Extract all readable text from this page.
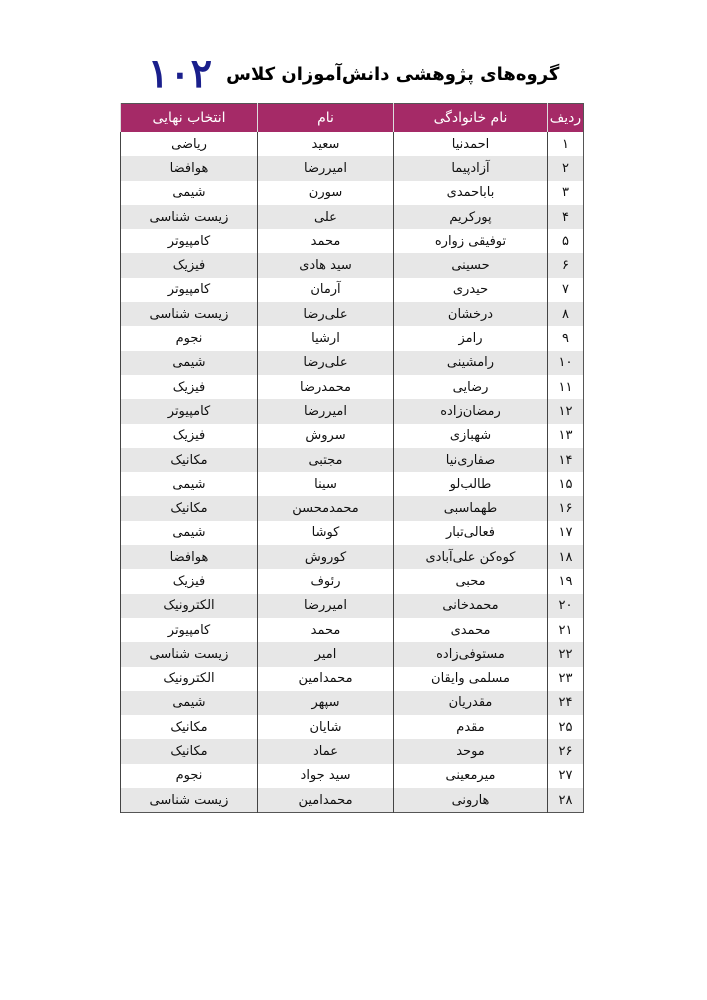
گروه‌های پژوهشی دانش‌آموزان کلاس
۱۰۲
ردیف	نام خانوادگی	نام	انتخاب نهایی
۱	احمدنیا	سعید	ریاضی
۲	آزادپیما	امیررضا	هوافضا
۳	باباحمدی	سورن	شیمی
۴	پورکریم	علی	زیست شناسی
۵	توفیقی زواره	محمد	کامپیوتر
۶	حسینی	سید هادی	فیزیک
۷	حیدری	آرمان	کامپیوتر
۸	درخشان	علی‌رضا	زیست شناسی
۹	رامز	ارشیا	نجوم
۱۰	رامشینی	علی‌رضا	شیمی
۱۱	رضایی	محمدرضا	فیزیک
۱۲	رمضان‌زاده	امیررضا	کامپیوتر
۱۳	شهبازی	سروش	فیزیک
۱۴	صفاری‌نیا	مجتبی	مکانیک
۱۵	طالب‌لو	سینا	شیمی
۱۶	طهماسبی	محمدمحسن	مکانیک
۱۷	فعالی‌تبار	کوشا	شیمی
۱۸	کوه‌کن علی‌آبادی	کوروش	هوافضا
۱۹	محبی	رئوف	فیزیک
۲۰	محمدخانی	امیررضا	الکترونیک
۲۱	محمدی	محمد	کامپیوتر
۲۲	مستوفی‌زاده	امیر	زیست شناسی
۲۳	مسلمی وایقان	محمدامین	الکترونیک
۲۴	مقدریان	سپهر	شیمی
۲۵	مقدم	شایان	مکانیک
۲۶	موحد	عماد	مکانیک
۲۷	میرمعینی	سید جواد	نجوم
۲۸	هارونی	محمدامین	زیست شناسی
